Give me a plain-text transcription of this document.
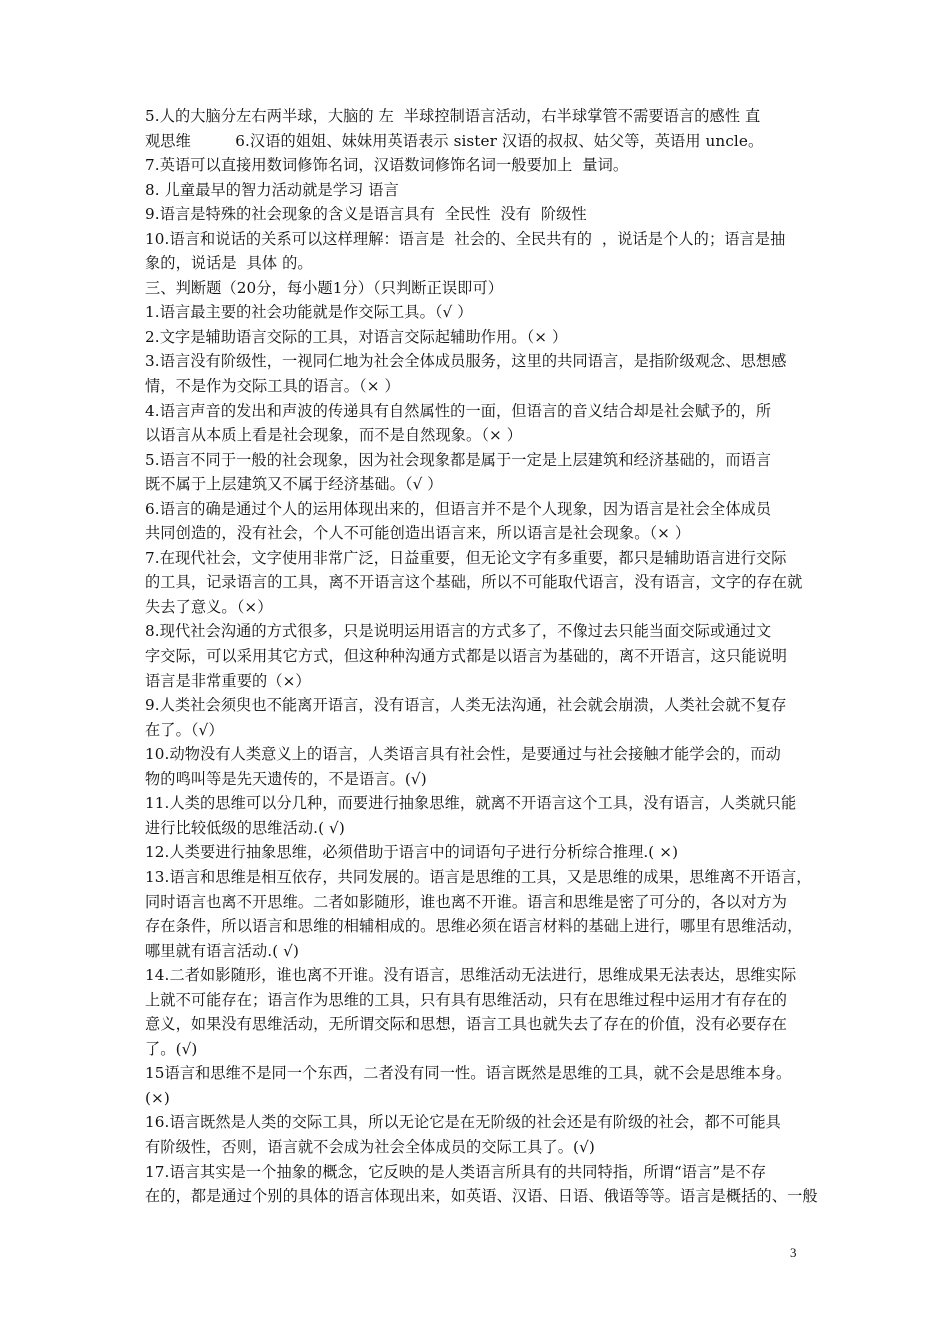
5.人的大脑分左右两半球，大脑的 左  半球控制语言活动，右半球掌管不需要语言的感性 直
观思维         6.汉语的姐姐、妹妹用英语表示 sister 汉语的叔叔、姑父等，英语用 uncle。
7.英语可以直接用数词修饰名词，汉语数词修饰名词一般要加上  量词。
8. 儿童最早的智力活动就是学习 语言
9.语言是特殊的社会现象的含义是语言具有  全民性  没有  阶级性
10.语言和说话的关系可以这样理解：语言是  社会的、全民共有的  ，说话是个人的；语言是抽
象的，说话是  具体 的。
三、判断题（20分，每小题1分）（只判断正误即可）
1.语言最主要的社会功能就是作交际工具。（√ ）
2.文字是辅助语言交际的工具，对语言交际起辅助作用。（× ）
3.语言没有阶级性，一视同仁地为社会全体成员服务，这里的共同语言，是指阶级观念、思想感
情，不是作为交际工具的语言。（× ）
4.语言声音的发出和声波的传递具有自然属性的一面，但语言的音义结合却是社会赋予的，所
以语言从本质上看是社会现象，而不是自然现象。（× ）
5.语言不同于一般的社会现象，因为社会现象都是属于一定是上层建筑和经济基础的，而语言
既不属于上层建筑又不属于经济基础。（√ ）
6.语言的确是通过个人的运用体现出来的，但语言并不是个人现象，因为语言是社会全体成员
共同创造的，没有社会，个人不可能创造出语言来，所以语言是社会现象。（× ）
7.在现代社会，文字使用非常广泛，日益重要，但无论文字有多重要，都只是辅助语言进行交际
的工具，记录语言的工具，离不开语言这个基础，所以不可能取代语言，没有语言，文字的存在就
失去了意义。（×）
8.现代社会沟通的方式很多，只是说明运用语言的方式多了，不像过去只能当面交际或通过文
字交际，可以采用其它方式，但这种种沟通方式都是以语言为基础的，离不开语言，这只能说明
语言是非常重要的（×）
9.人类社会须臾也不能离开语言，没有语言，人类无法沟通，社会就会崩溃，人类社会就不复存
在了。（√）
10.动物没有人类意义上的语言，人类语言具有社会性，是要通过与社会接触才能学会的，而动
物的鸣叫等是先天遗传的，不是语言。(√)
11.人类的思维可以分几种，而要进行抽象思维，就离不开语言这个工具，没有语言，人类就只能
进行比较低级的思维活动.( √)
12.人类要进行抽象思维，必须借助于语言中的词语句子进行分析综合推理.( ×)
13.语言和思维是相互依存，共同发展的。语言是思维的工具，又是思维的成果，思维离不开语言，
同时语言也离不开思维。二者如影随形，谁也离不开谁。语言和思维是密了可分的，各以对方为
存在条件，所以语言和思维的相辅相成的。思维必须在语言材料的基础上进行，哪里有思维活动，
哪里就有语言活动.( √)
14.二者如影随形，谁也离不开谁。没有语言，思维活动无法进行，思维成果无法表达，思维实际
上就不可能存在；语言作为思维的工具，只有具有思维活动，只有在思维过程中运用才有存在的
意义，如果没有思维活动，无所谓交际和思想，语言工具也就失去了存在的价值，没有必要存在
了。(√)
15语言和思维不是同一个东西，二者没有同一性。语言既然是思维的工具，就不会是思维本身。
(×)
16.语言既然是人类的交际工具，所以无论它是在无阶级的社会还是有阶级的社会，都不可能具
有阶级性，否则，语言就不会成为社会全体成员的交际工具了。(√)
17.语言其实是一个抽象的概念，它反映的是人类语言所具有的共同特指，所谓“语言”是不存
在的，都是通过个别的具体的语言体现出来，如英语、汉语、日语、俄语等等。语言是概括的、一般
3
